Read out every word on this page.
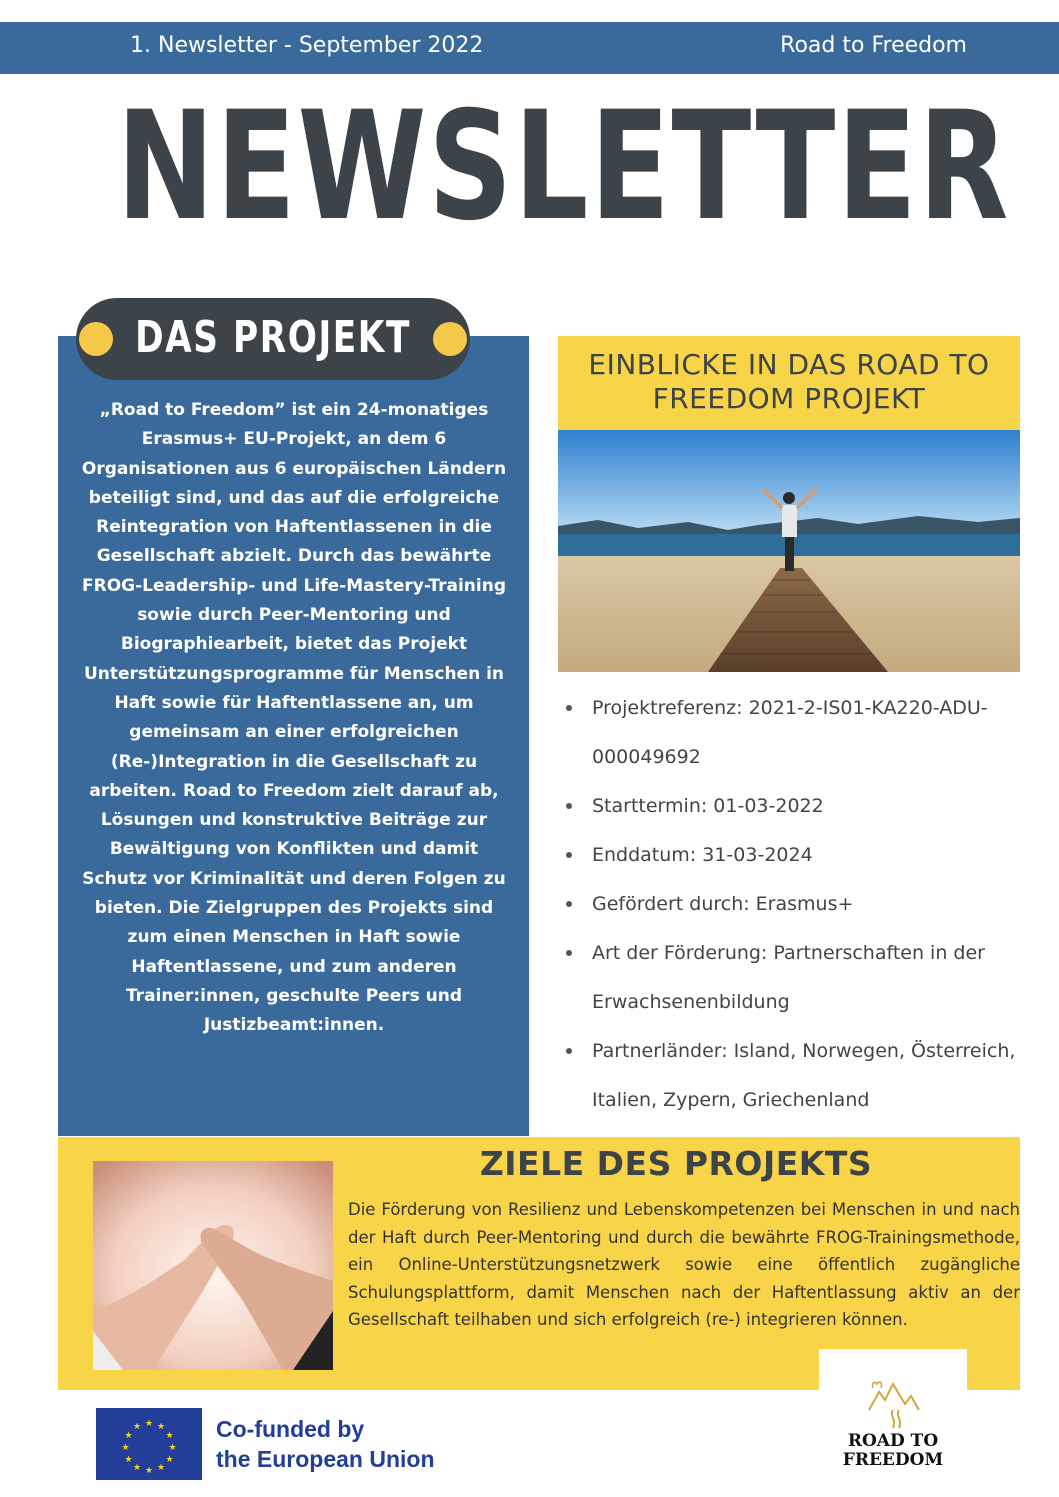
1. Newsletter - September 2022	Road to Freedom
NEWSLETTER
DAS PROJEKT
„Road to Freedom” ist ein 24-monatiges Erasmus+ EU-Projekt, an dem 6 Organisationen aus 6 europäischen Ländern beteiligt sind, und das auf die erfolgreiche Reintegration von Haftentlassenen in die Gesellschaft abzielt. Durch das bewährte FROG-Leadership- und Life-Mastery-Training sowie durch Peer-Mentoring und Biographiearbeit, bietet das Projekt Unterstützungsprogramme für Menschen in Haft sowie für Haftentlassene an, um gemeinsam an einer erfolgreichen (Re-)Integration in die Gesellschaft zu arbeiten. Road to Freedom zielt darauf ab, Lösungen und konstruktive Beiträge zur Bewältigung von Konflikten und damit Schutz vor Kriminalität und deren Folgen zu bieten. Die Zielgruppen des Projekts sind zum einen Menschen in Haft sowie Haftentlassene, und zum anderen Trainer:innen, geschulte Peers und Justizbeamt:innen.
EINBLICKE IN DAS ROAD TO FREEDOM PROJEKT
Projektreferenz: 2021-2-IS01-KA220-ADU-000049692
Starttermin: 01-03-2022
Enddatum: 31-03-2024
Gefördert durch: Erasmus+
Art der Förderung: Partnerschaften in der Erwachsenenbildung
Partnerländer: Island, Norwegen, Österreich, Italien, Zypern, Griechenland
ZIELE DES PROJEKTS
Die Förderung von Resilienz und Lebenskompetenzen bei Menschen in und nach der Haft durch Peer-Mentoring und durch die bewährte FROG-Trainingsmethode, ein Online-Unterstützungsnetzwerk sowie eine öffentlich zugängliche Schulungsplattform, damit Menschen nach der Haftentlassung aktiv an der Gesellschaft teilhaben und sich erfolgreich (re-) integrieren können.
★ ★
★
★
★
★
★
★
★
★
★
★	Co-funded by
the European Union
ROAD TO
FREEDOM
